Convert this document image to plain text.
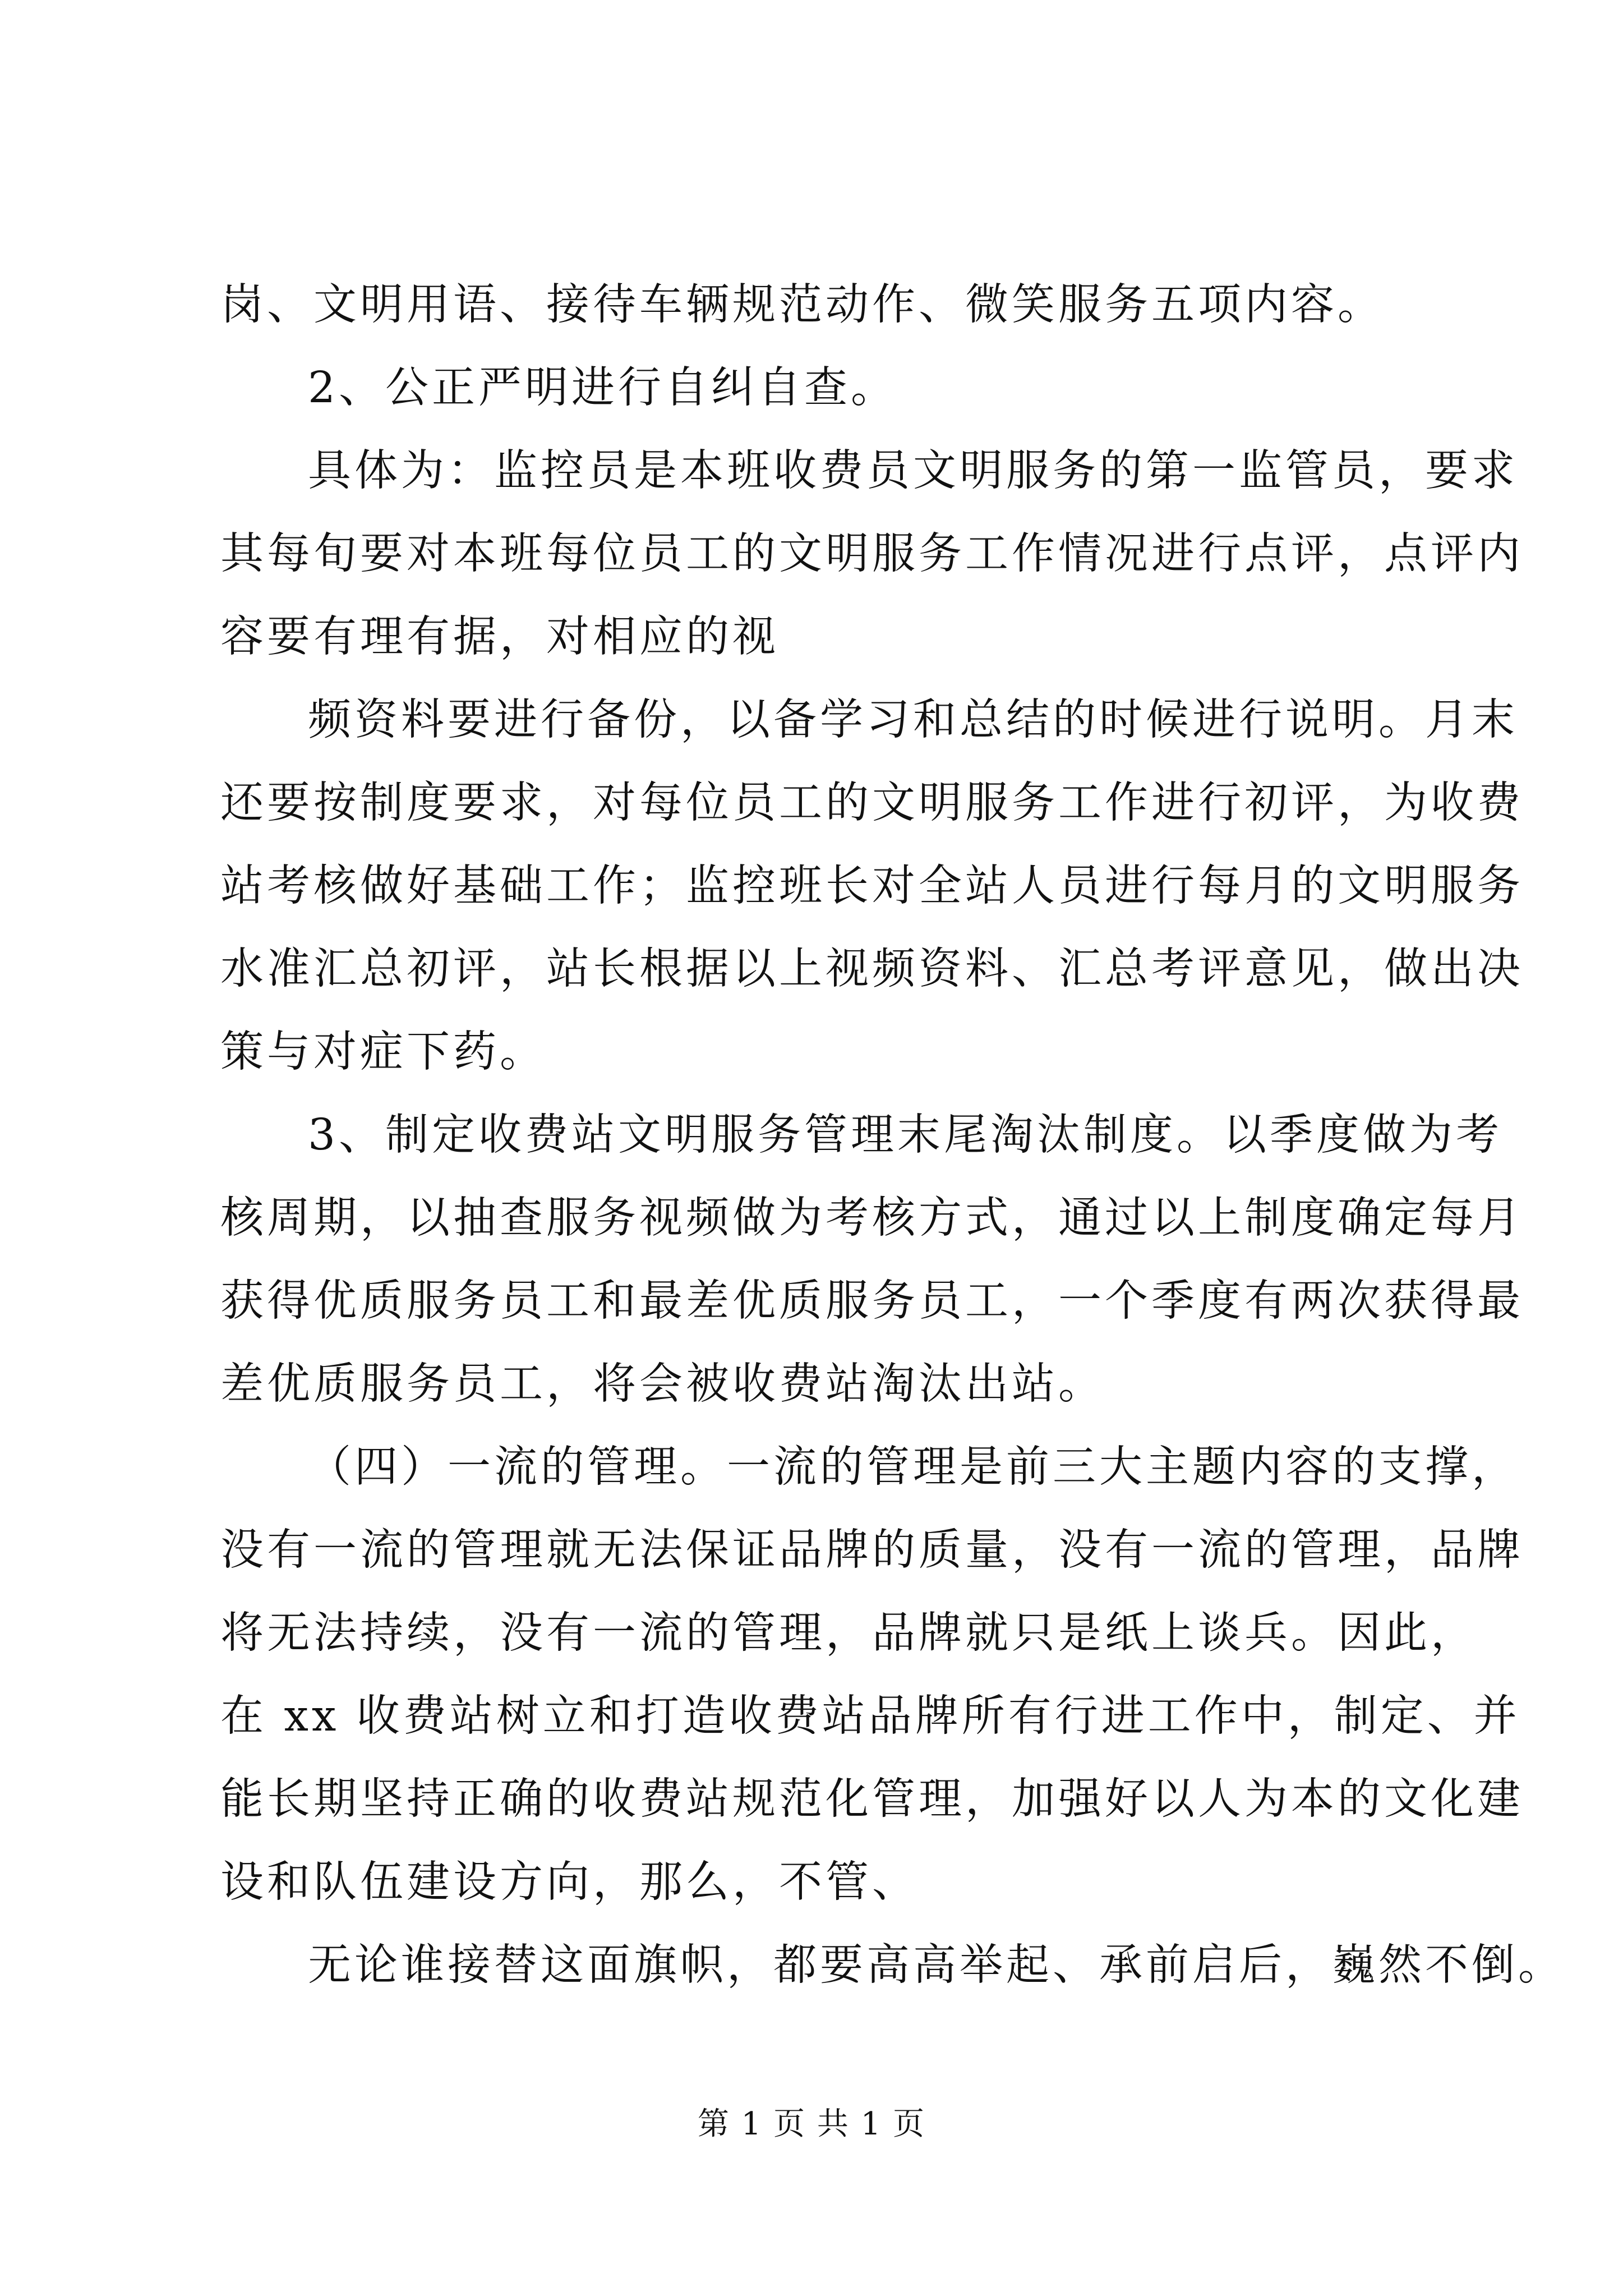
岗、文明用语、接待车辆规范动作、微笑服务五项内容。
2、公正严明进行自纠自查。
具体为：监控员是本班收费员文明服务的第一监管员，要求
其每旬要对本班每位员工的文明服务工作情况进行点评，点评内
容要有理有据，对相应的视
频资料要进行备份，以备学习和总结的时候进行说明。月末
还要按制度要求，对每位员工的文明服务工作进行初评，为收费
站考核做好基础工作；监控班长对全站人员进行每月的文明服务
水准汇总初评，站长根据以上视频资料、汇总考评意见，做出决
策与对症下药。
3、制定收费站文明服务管理末尾淘汰制度。以季度做为考
核周期，以抽查服务视频做为考核方式，通过以上制度确定每月
获得优质服务员工和最差优质服务员工，一个季度有两次获得最
差优质服务员工，将会被收费站淘汰出站。
（四）一流的管理。一流的管理是前三大主题内容的支撑，
没有一流的管理就无法保证品牌的质量，没有一流的管理，品牌
将无法持续，没有一流的管理，品牌就只是纸上谈兵。因此，
在 xx 收费站树立和打造收费站品牌所有行进工作中，制定、并
能长期坚持正确的收费站规范化管理，加强好以人为本的文化建
设和队伍建设方向，那么，不管、
无论谁接替这面旗帜，都要高高举起、承前启后，巍然不倒。
第 1 页 共 1 页
